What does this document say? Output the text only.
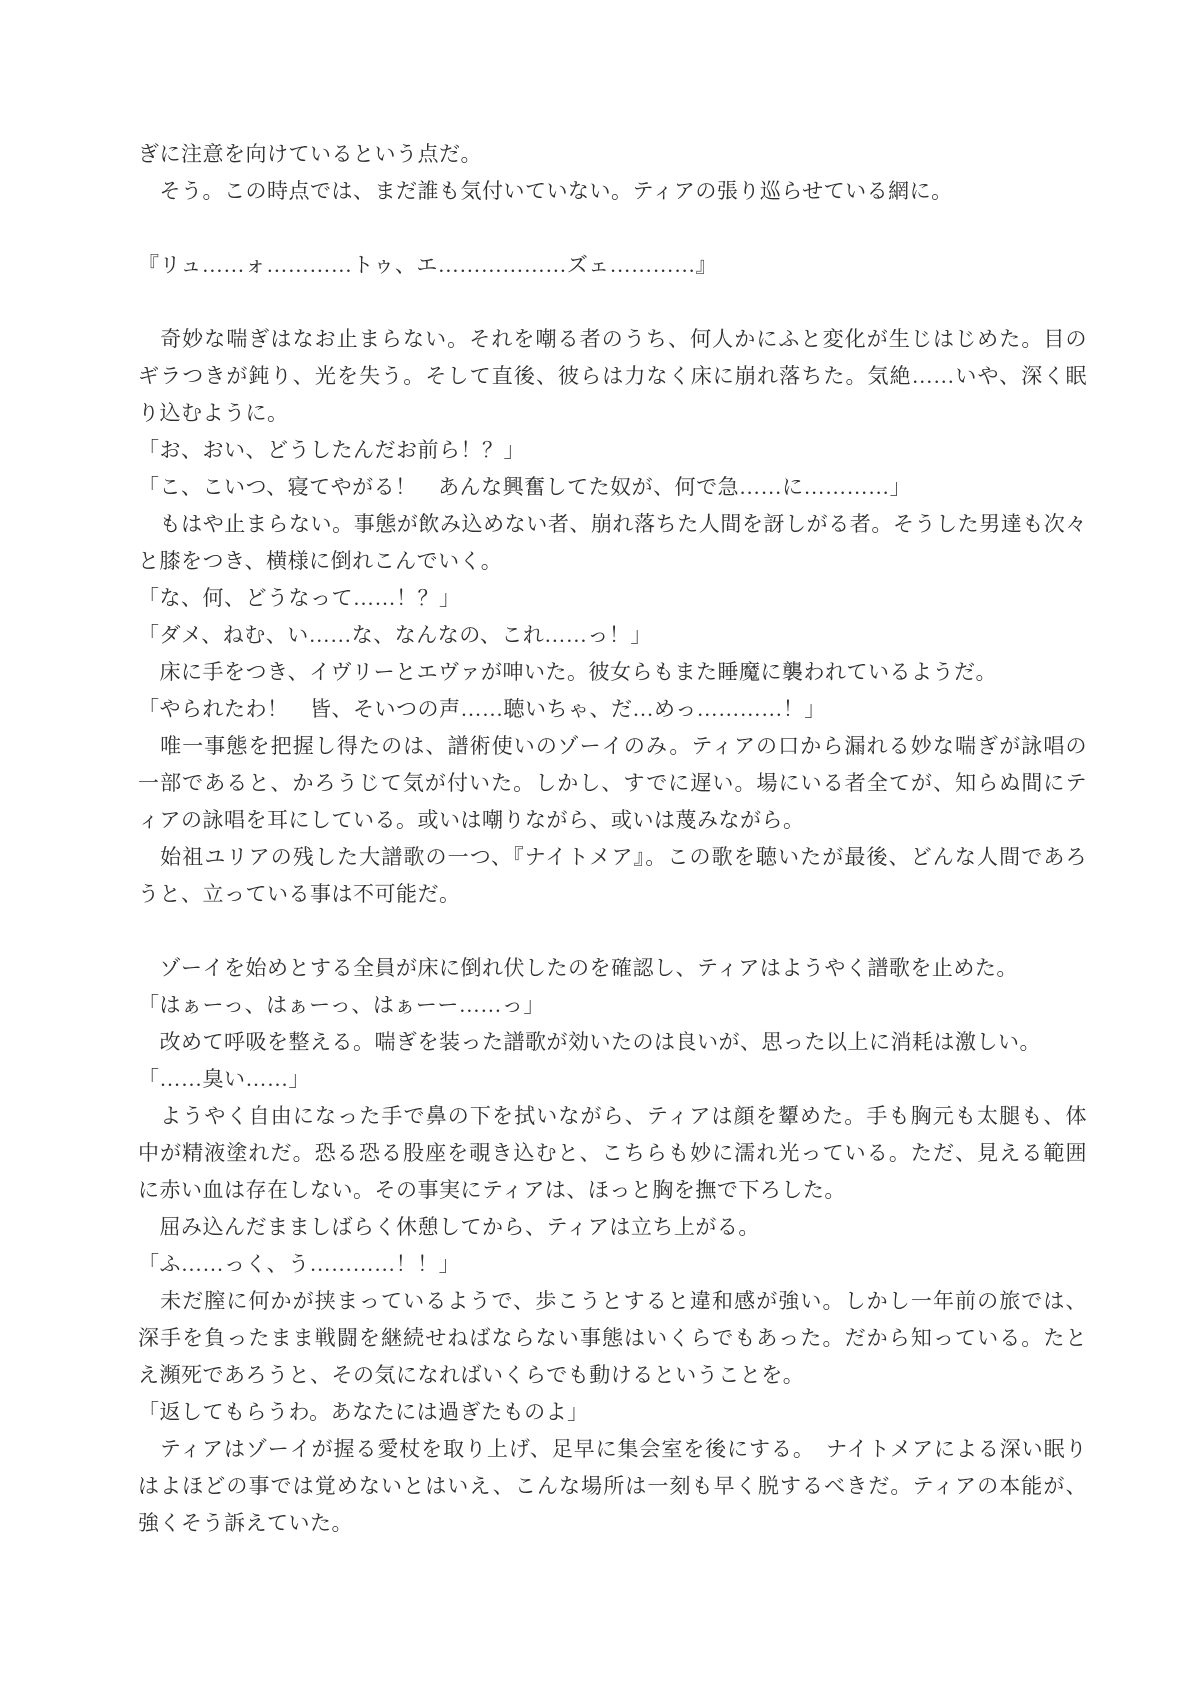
ぎに注意を向けているという点だ。
　そう。この時点では、まだ誰も気付いていない。ティアの張り巡らせている網に。
『リュ……ォ…………トゥ、エ………………ズェ…………』
　奇妙な喘ぎはなお止まらない。それを嘲る者のうち、何人かにふと変化が生じはじめた。目の
ギラつきが鈍り、光を失う。そして直後、彼らは力なく床に崩れ落ちた。気絶……いや、深く眠
り込むように。
「お、おい、どうしたんだお前ら！？」
「こ、こいつ、寝てやがる！　あんな興奮してた奴が、何で急……に…………」
　もはや止まらない。事態が飲み込めない者、崩れ落ちた人間を訝しがる者。そうした男達も次々
と膝をつき、横様に倒れこんでいく。
「な、何、どうなって……！？」
「ダメ、ねむ、い……な、なんなの、これ……っ！」
　床に手をつき、イヴリーとエヴァが呻いた。彼女らもまた睡魔に襲われているようだ。
「やられたわ！　皆、そいつの声……聴いちゃ、だ…めっ…………！」
　唯一事態を把握し得たのは、譜術使いのゾーイのみ。ティアの口から漏れる妙な喘ぎが詠唱の
一部であると、かろうじて気が付いた。しかし、すでに遅い。場にいる者全てが、知らぬ間にテ
ィアの詠唱を耳にしている。或いは嘲りながら、或いは蔑みながら。
　始祖ユリアの残した大譜歌の一つ、『ナイトメア』。この歌を聴いたが最後、どんな人間であろ
うと、立っている事は不可能だ。
　ゾーイを始めとする全員が床に倒れ伏したのを確認し、ティアはようやく譜歌を止めた。
「はぁーっ、はぁーっ、はぁーー……っ」
　改めて呼吸を整える。喘ぎを装った譜歌が効いたのは良いが、思った以上に消耗は激しい。
「……臭い……」
　ようやく自由になった手で鼻の下を拭いながら、ティアは顔を顰めた。手も胸元も太腿も、体
中が精液塗れだ。恐る恐る股座を覗き込むと、こちらも妙に濡れ光っている。ただ、見える範囲
に赤い血は存在しない。その事実にティアは、ほっと胸を撫で下ろした。
　屈み込んだまましばらく休憩してから、ティアは立ち上がる。
「ふ……っく、う…………！！」
　未だ膣に何かが挟まっているようで、歩こうとすると違和感が強い。しかし一年前の旅では、
深手を負ったまま戦闘を継続せねばならない事態はいくらでもあった。だから知っている。たと
え瀕死であろうと、その気になればいくらでも動けるということを。
「返してもらうわ。あなたには過ぎたものよ」
　ティアはゾーイが握る愛杖を取り上げ、足早に集会室を後にする。　ナイトメアによる深い眠り
はよほどの事では覚めないとはいえ、こんな場所は一刻も早く脱するべきだ。ティアの本能が、
強くそう訴えていた。
